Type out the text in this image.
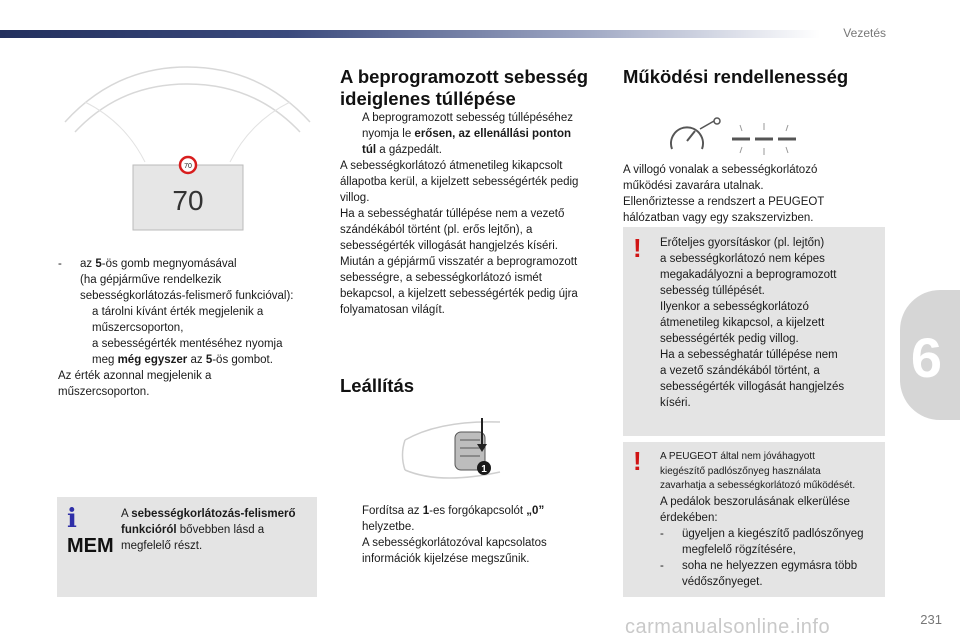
Vezetés
6
70
70
-	az 5-ös gomb megnyomásával
(ha gépjárműve rendelkezik
sebességkorlátozás-felismerő funkcióval):
a tárolni kívánt érték megjelenik a
műszercsoporton,
a sebességérték mentéséhez nyomja
meg még egyszer az 5-ös gombot.
Az érték azonnal megjelenik a
műszercsoporton.
i
MEM
A sebességkorlátozás-felismerő
funkcióról bővebben lásd a
megfelelő részt.
A beprogramozott sebesség
ideiglenes túllépése
A beprogramozott sebesség túllépéséhez
nyomja le erősen, az ellenállási ponton
túl a gázpedált.
A sebességkorlátozó átmenetileg kikapcsolt
állapotba kerül, a kijelzett sebességérték pedig
villog.
Ha a sebességhatár túllépése nem a vezető
szándékából történt (pl. erős lejtőn), a
sebességérték villogását hangjelzés kíséri.
Miután a gépjármű visszatér a beprogramozott
sebességre, a sebességkorlátozó ismét
bekapcsol, a kijelzett sebességérték pedig újra
folyamatosan világít.
Leállítás
1
Fordítsa az 1-es forgókapcsolót „0”
helyzetbe.
A sebességkorlátozóval kapcsolatos
információk kijelzése megszűnik.
Működési rendellenesség
A villogó vonalak a sebességkorlátozó
működési zavarára utalnak.
Ellenőriztesse a rendszert a PEUGEOT
hálózatban vagy egy szakszervizben.
! Erőteljes gyorsításkor (pl. lejtőn)
a sebességkorlátozó nem képes
megakadályozni a beprogramozott
sebesség túllépését.
Ilyenkor a sebességkorlátozó
átmenetileg kikapcsol, a kijelzett
sebességérték pedig villog.
Ha a sebességhatár túllépése nem
a vezető szándékából történt, a
sebességérték villogását hangjelzés
kíséri.
! A PEUGEOT által nem jóváhagyott
kiegészítő padlószőnyeg használata
zavarhatja a sebességkorlátozó működését.
A pedálok beszorulásának elkerülése
érdekében:
-	ügyeljen a kiegészítő padlószőnyeg
megfelelő rögzítésére,
-	soha ne helyezzen egymásra több
védőszőnyeget.
carmanualsonline.info	231
